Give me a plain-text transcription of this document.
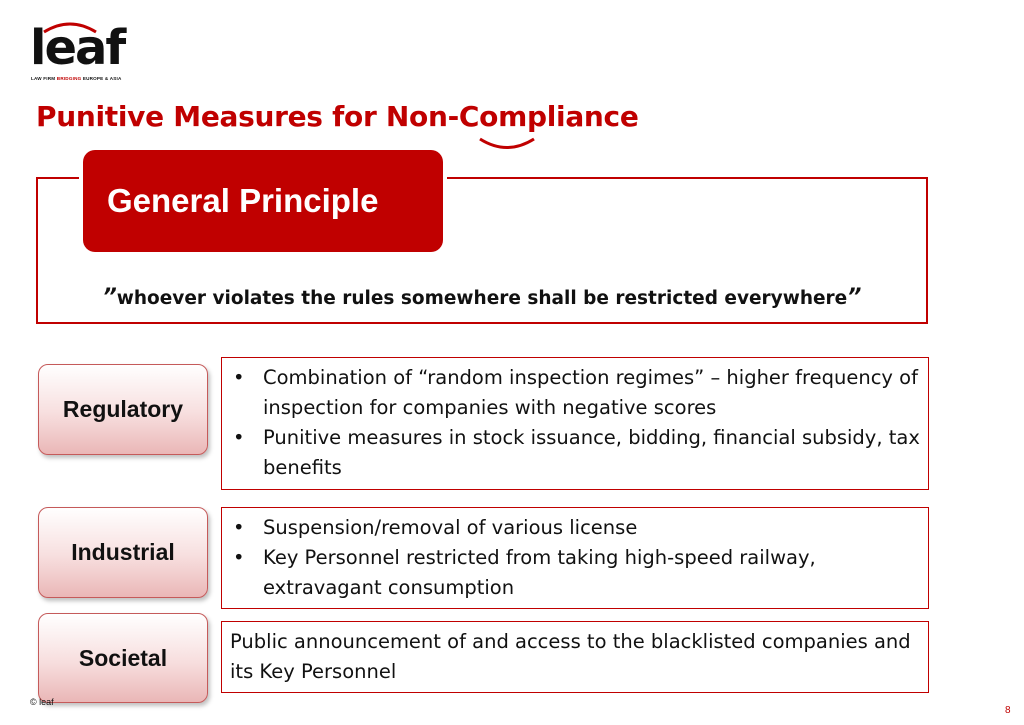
leaf
LAW FIRM BRIDGING EUROPE & ASIA
Punitive Measures for Non-Compliance
General Principle
”whoever violates the rules somewhere shall be restricted everywhere”
Regulatory
• Combination of “random inspection regimes” – higher frequency of inspection for companies with negative scores
• Punitive measures in stock issuance, bidding, financial subsidy, tax benefits
Industrial
• Suspension/removal of various license
• Key Personnel restricted from taking high-speed railway, extravagant consumption
Societal
Public announcement of and access to the blacklisted companies and its Key Personnel
© leaf
8
